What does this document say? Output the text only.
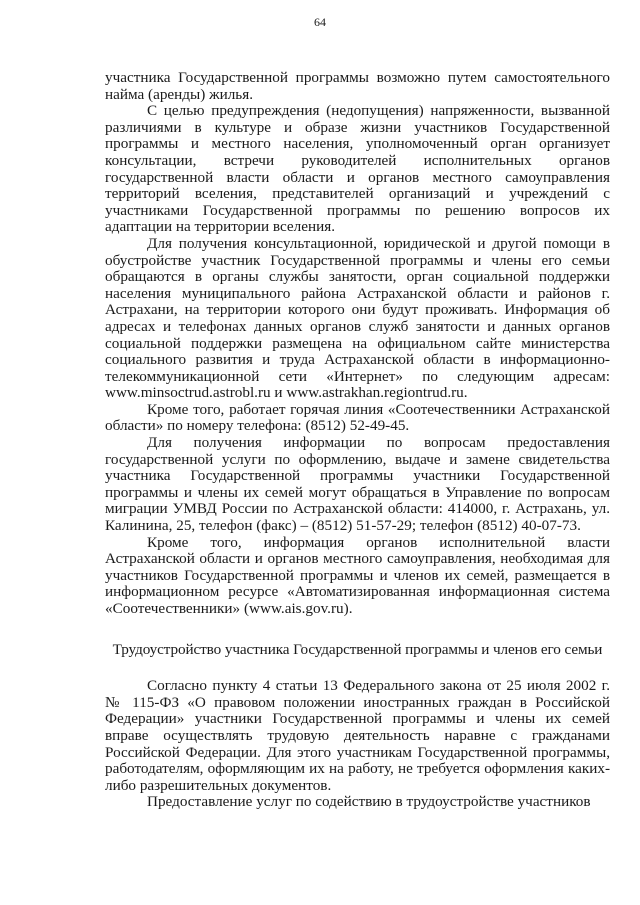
64

участника Государственной программы возможно путем самостоятельного найма (аренды) жилья.

С целью предупреждения (недопущения) напряженности, вызванной различиями в культуре и образе жизни участников Государственной программы и местного населения, уполномоченный орган организует консультации, встречи руководителей исполнительных органов государственной власти области и органов местного самоуправления территорий вселения, представителей организаций и учреждений с участниками Государственной программы по решению вопросов их адаптации на территории вселения.

Для получения консультационной, юридической и другой помощи в обустройстве участник Государственной программы и члены его семьи обращаются в органы службы занятости, орган социальной поддержки населения муниципального района Астраханской области и районов г. Астрахани, на территории которого они будут проживать. Информация об адресах и телефонах данных органов служб занятости и данных органов социальной поддержки размещена на официальном сайте министерства социального развития и труда Астраханской области в информационно-телекоммуникационной сети «Интернет» по следующим адресам: www.minsoctrud.astrobl.ru и www.astrakhan.regiontrud.ru.

Кроме того, работает горячая линия «Соотечественники Астраханской области» по номеру телефона: (8512) 52-49-45.

Для получения информации по вопросам предоставления государственной услуги по оформлению, выдаче и замене свидетельства участника Государственной программы участники Государственной программы и члены их семей могут обращаться в Управление по вопросам миграции УМВД России по Астраханской области: 414000, г. Астрахань, ул. Калинина, 25, телефон (факс) – (8512) 51-57-29; телефон (8512) 40-07-73.

Кроме того, информация органов исполнительной власти Астраханской области и органов местного самоуправления, необходимая для участников Государственной программы и членов их семей, размещается в информационном ресурсе «Автоматизированная информационная система «Соотечественники» (www.ais.gov.ru).

Трудоустройство участника Государственной программы и членов его семьи

Согласно пункту 4 статьи 13 Федерального закона от 25 июля 2002 г. № 115-ФЗ «О правовом положении иностранных граждан в Российской Федерации» участники Государственной программы и члены их семей вправе осуществлять трудовую деятельность наравне с гражданами Российской Федерации. Для этого участникам Государственной программы, работодателям, оформляющим их на работу, не требуется оформления каких-либо разрешительных документов.

Предоставление услуг по содействию в трудоустройстве участников
